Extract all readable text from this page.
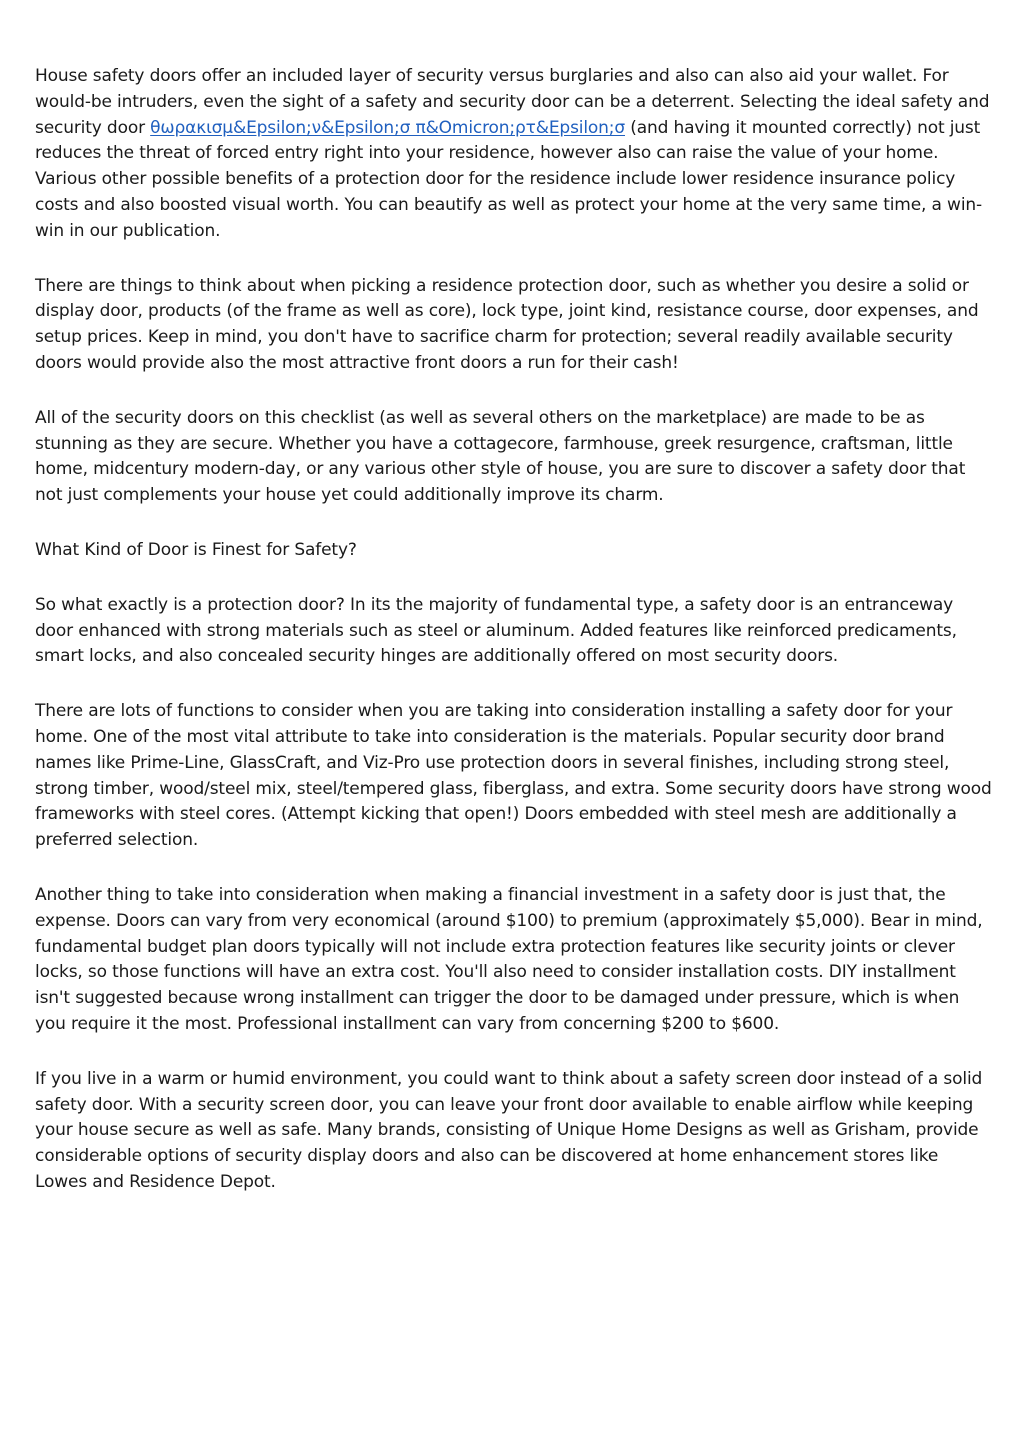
House safety doors offer an included layer of security versus burglaries and also can also aid your wallet. For would-be intruders, even the sight of a safety and security door can be a deterrent. Selecting the ideal safety and security door θωρακισμ&Epsilon;ν&Epsilon;σ π&Omicron;ρτ&Epsilon;σ (and having it mounted correctly) not just reduces the threat of forced entry right into your residence, however also can raise the value of your home. Various other possible benefits of a protection door for the residence include lower residence insurance policy costs and also boosted visual worth. You can beautify as well as protect your home at the very same time, a win-win in our publication.

There are things to think about when picking a residence protection door, such as whether you desire a solid or display door, products (of the frame as well as core), lock type, joint kind, resistance course, door expenses, and setup prices. Keep in mind, you don't have to sacrifice charm for protection; several readily available security doors would provide also the most attractive front doors a run for their cash!

All of the security doors on this checklist (as well as several others on the marketplace) are made to be as stunning as they are secure. Whether you have a cottagecore, farmhouse, greek resurgence, craftsman, little home, midcentury modern-day, or any various other style of house, you are sure to discover a safety door that not just complements your house yet could additionally improve its charm.

What Kind of Door is Finest for Safety?

So what exactly is a protection door? In its the majority of fundamental type, a safety door is an entranceway door enhanced with strong materials such as steel or aluminum. Added features like reinforced predicaments, smart locks, and also concealed security hinges are additionally offered on most security doors.

There are lots of functions to consider when you are taking into consideration installing a safety door for your home. One of the most vital attribute to take into consideration is the materials. Popular security door brand names like Prime-Line, GlassCraft, and Viz-Pro use protection doors in several finishes, including strong steel, strong timber, wood/steel mix, steel/tempered glass, fiberglass, and extra. Some security doors have strong wood frameworks with steel cores. (Attempt kicking that open!) Doors embedded with steel mesh are additionally a preferred selection.

Another thing to take into consideration when making a financial investment in a safety door is just that, the expense. Doors can vary from very economical (around $100) to premium (approximately $5,000). Bear in mind, fundamental budget plan doors typically will not include extra protection features like security joints or clever locks, so those functions will have an extra cost. You'll also need to consider installation costs. DIY installment isn't suggested because wrong installment can trigger the door to be damaged under pressure, which is when you require it the most. Professional installment can vary from concerning $200 to $600.

If you live in a warm or humid environment, you could want to think about a safety screen door instead of a solid safety door. With a security screen door, you can leave your front door available to enable airflow while keeping your house secure as well as safe. Many brands, consisting of Unique Home Designs as well as Grisham, provide considerable options of security display doors and also can be discovered at home enhancement stores like Lowes and Residence Depot.
